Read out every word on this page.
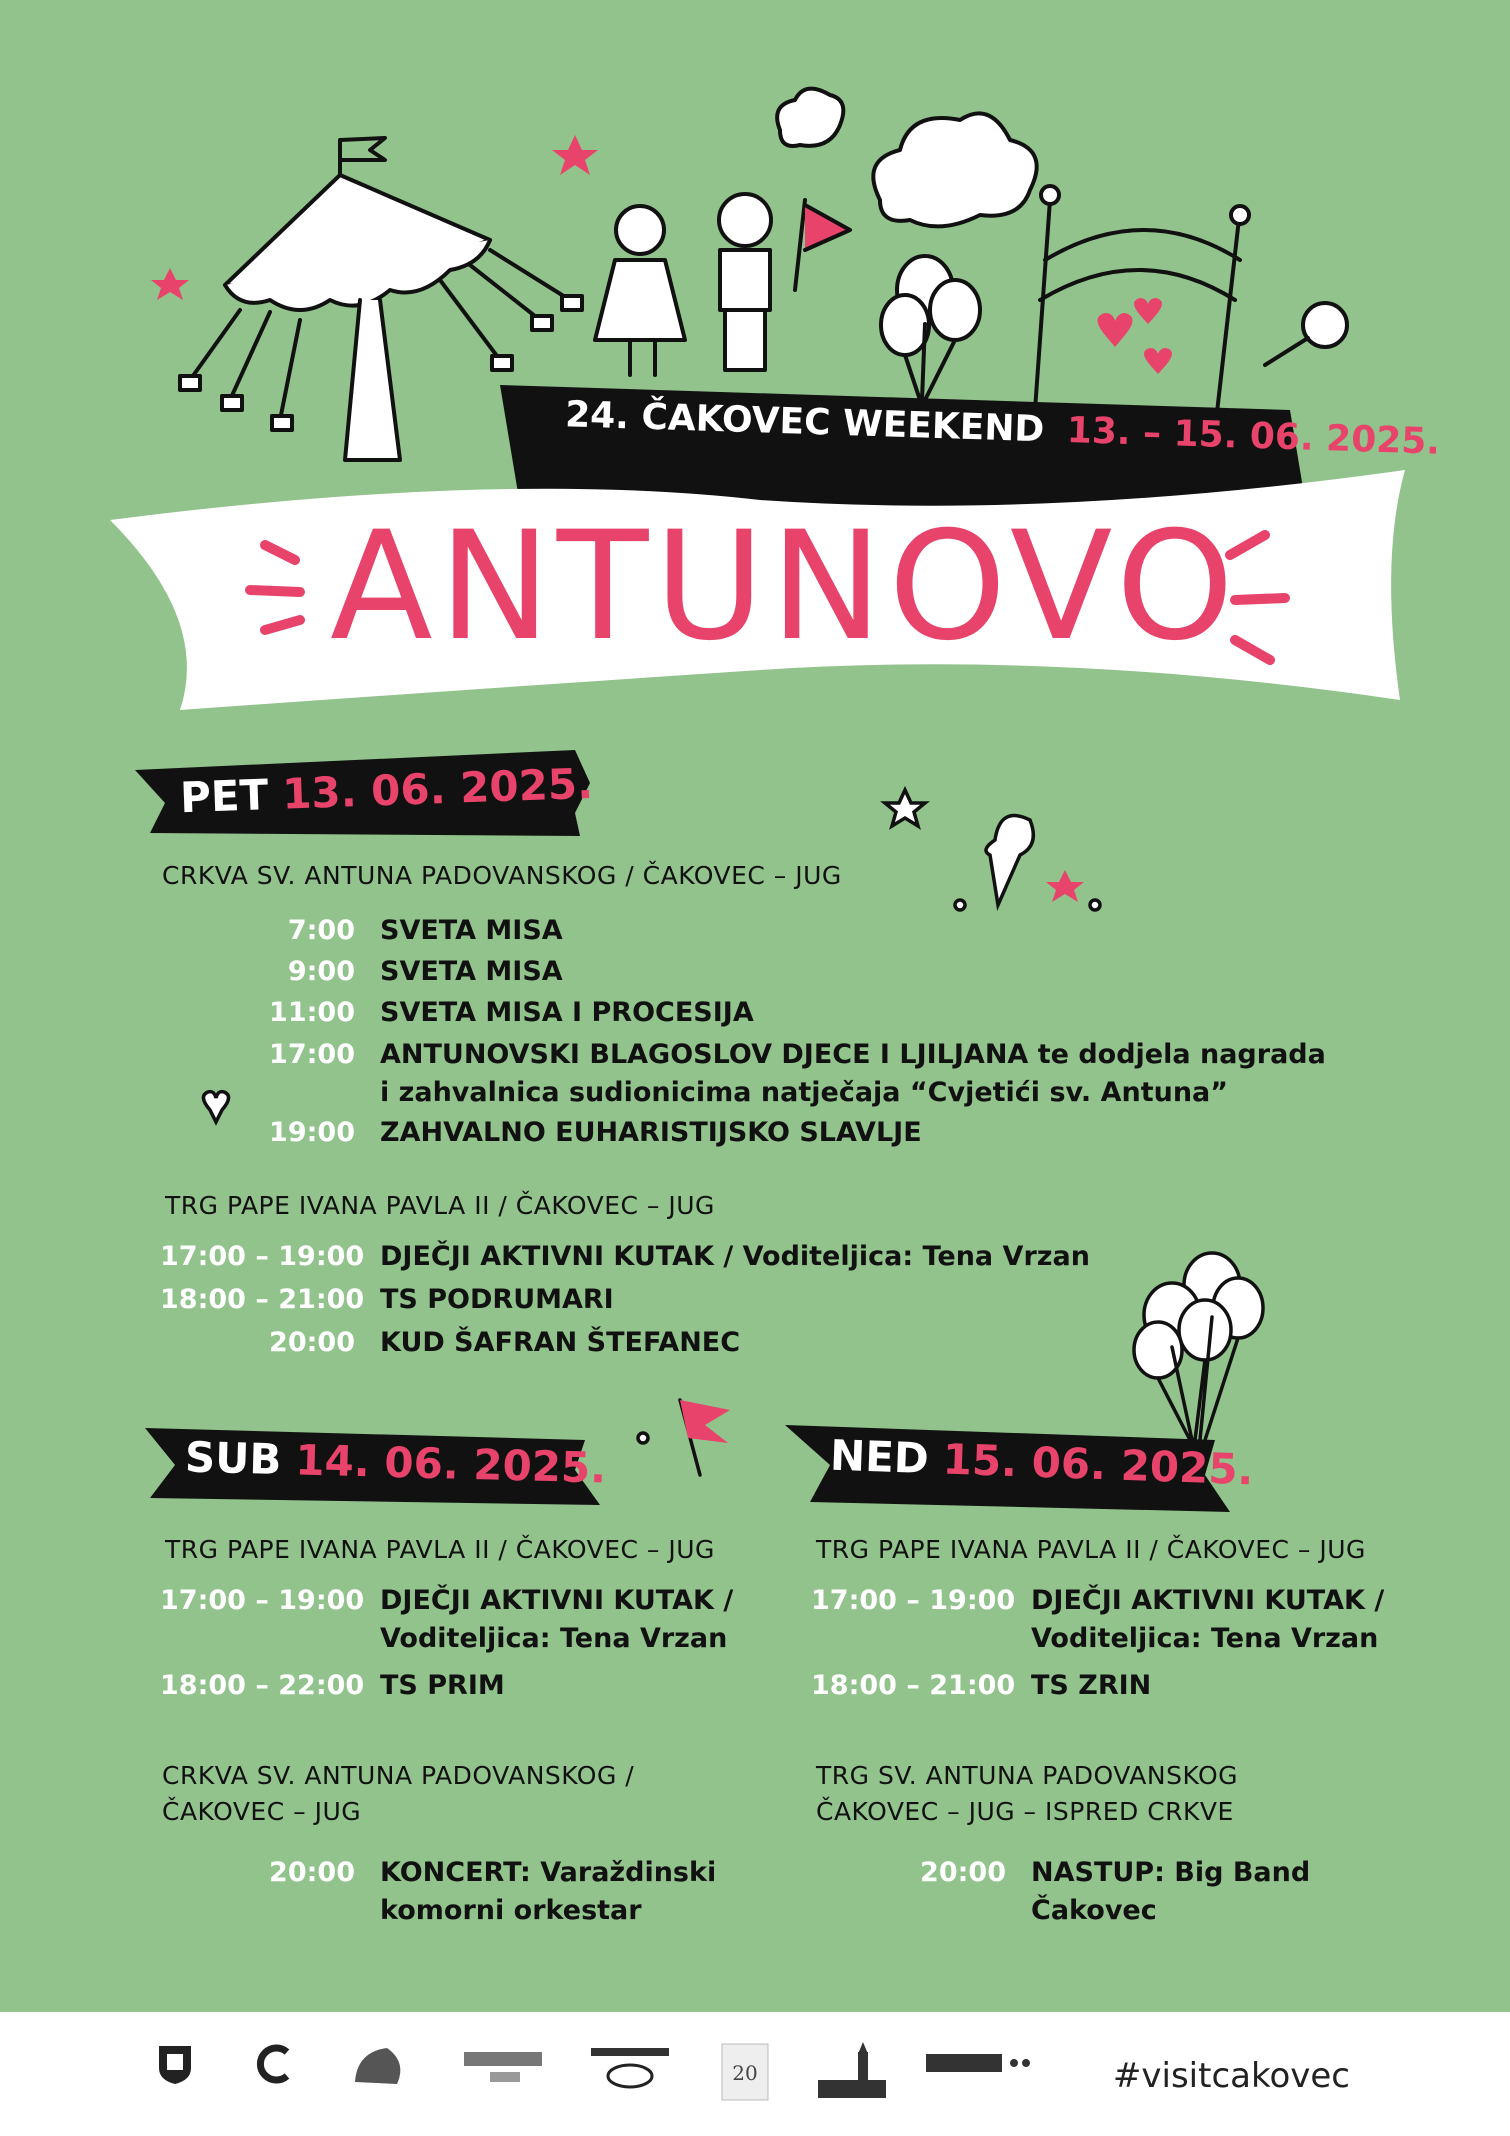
24. ČAKOVEC WEEKEND 13. – 15. 06. 2025.
ANTUNOVO
PET 13. 06. 2025.
CRKVA SV. ANTUNA PADOVANSKOG / ČAKOVEC – JUG
7:00 SVETA MISA
9:00 SVETA MISA
11:00 SVETA MISA I PROCESIJA
17:00 ANTUNOVSKI BLAGOSLOV DJECE I LJILJANA te dodjela nagrada
i zahvalnica sudionicima natječaja “Cvjetići sv. Antuna”
19:00 ZAHVALNO EUHARISTIJSKO SLAVLJE
TRG PAPE IVANA PAVLA II / ČAKOVEC – JUG
17:00 – 19:00 DJEČJI AKTIVNI KUTAK / Voditeljica: Tena Vrzan
18:00 – 21:00 TS PODRUMARI
20:00 KUD ŠAFRAN ŠTEFANEC
SUB 14. 06. 2025.
TRG PAPE IVANA PAVLA II / ČAKOVEC – JUG
17:00 – 19:00 DJEČJI AKTIVNI KUTAK /
Voditeljica: Tena Vrzan
18:00 – 22:00 TS PRIM
CRKVA SV. ANTUNA PADOVANSKOG /
ČAKOVEC – JUG
20:00 KONCERT: Varaždinski
komorni orkestar
NED 15. 06. 2025.
TRG PAPE IVANA PAVLA II / ČAKOVEC – JUG
17:00 – 19:00 DJEČJI AKTIVNI KUTAK /
Voditeljica: Tena Vrzan
18:00 – 21:00 TS ZRIN
TRG SV. ANTUNA PADOVANSKOG
ČAKOVEC – JUG – ISPRED CRKVE
20:00 NASTUP: Big Band
Čakovec
20	#visitcakovec
